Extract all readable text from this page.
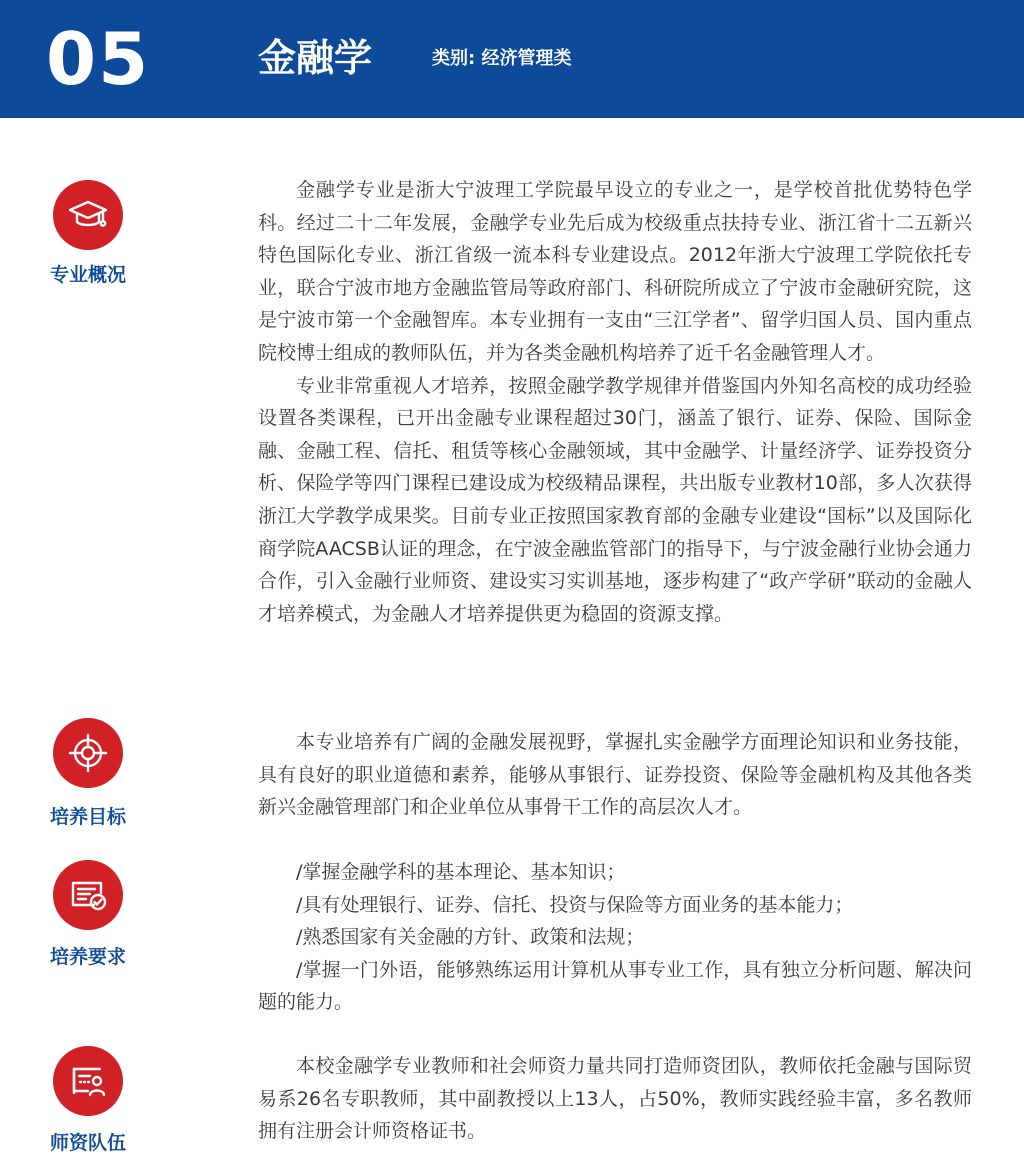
05	金融学	类别: 经济管理类
专业概况

金融学专业是浙大宁波理工学院最早设立的专业之一，是学校首批优势特色学科。经过二十二年发展，金融学专业先后成为校级重点扶持专业、浙江省十二五新兴特色国际化专业、浙江省级一流本科专业建设点。2012年浙大宁波理工学院依托专业，联合宁波市地方金融监管局等政府部门、科研院所成立了宁波市金融研究院，这是宁波市第一个金融智库。本专业拥有一支由“三江学者”、留学归国人员、国内重点院校博士组成的教师队伍，并为各类金融机构培养了近千名金融管理人才。

专业非常重视人才培养，按照金融学教学规律并借鉴国内外知名高校的成功经验设置各类课程，已开出金融专业课程超过30门，涵盖了银行、证券、保险、国际金融、金融工程、信托、租赁等核心金融领域，其中金融学、计量经济学、证券投资分析、保险学等四门课程已建设成为校级精品课程，共出版专业教材10部，多人次获得浙江大学教学成果奖。目前专业正按照国家教育部的金融专业建设“国标”以及国际化商学院AACSB认证的理念，在宁波金融监管部门的指导下，与宁波金融行业协会通力合作，引入金融行业师资、建设实习实训基地，逐步构建了“政产学研”联动的金融人才培养模式，为金融人才培养提供更为稳固的资源支撑。

培养目标

本专业培养有广阔的金融发展视野，掌握扎实金融学方面理论知识和业务技能，具有良好的职业道德和素养，能够从事银行、证券投资、保险等金融机构及其他各类新兴金融管理部门和企业单位从事骨干工作的高层次人才。

培养要求

/掌握金融学科的基本理论、基本知识；

/具有处理银行、证券、信托、投资与保险等方面业务的基本能力；

/熟悉国家有关金融的方针、政策和法规；

/掌握一门外语，能够熟练运用计算机从事专业工作，具有独立分析问题、解决问题的能力。

师资队伍

本校金融学专业教师和社会师资力量共同打造师资团队，教师依托金融与国际贸易系26名专职教师，其中副教授以上13人，占50%，教师实践经验丰富，多名教师拥有注册会计师资格证书。
